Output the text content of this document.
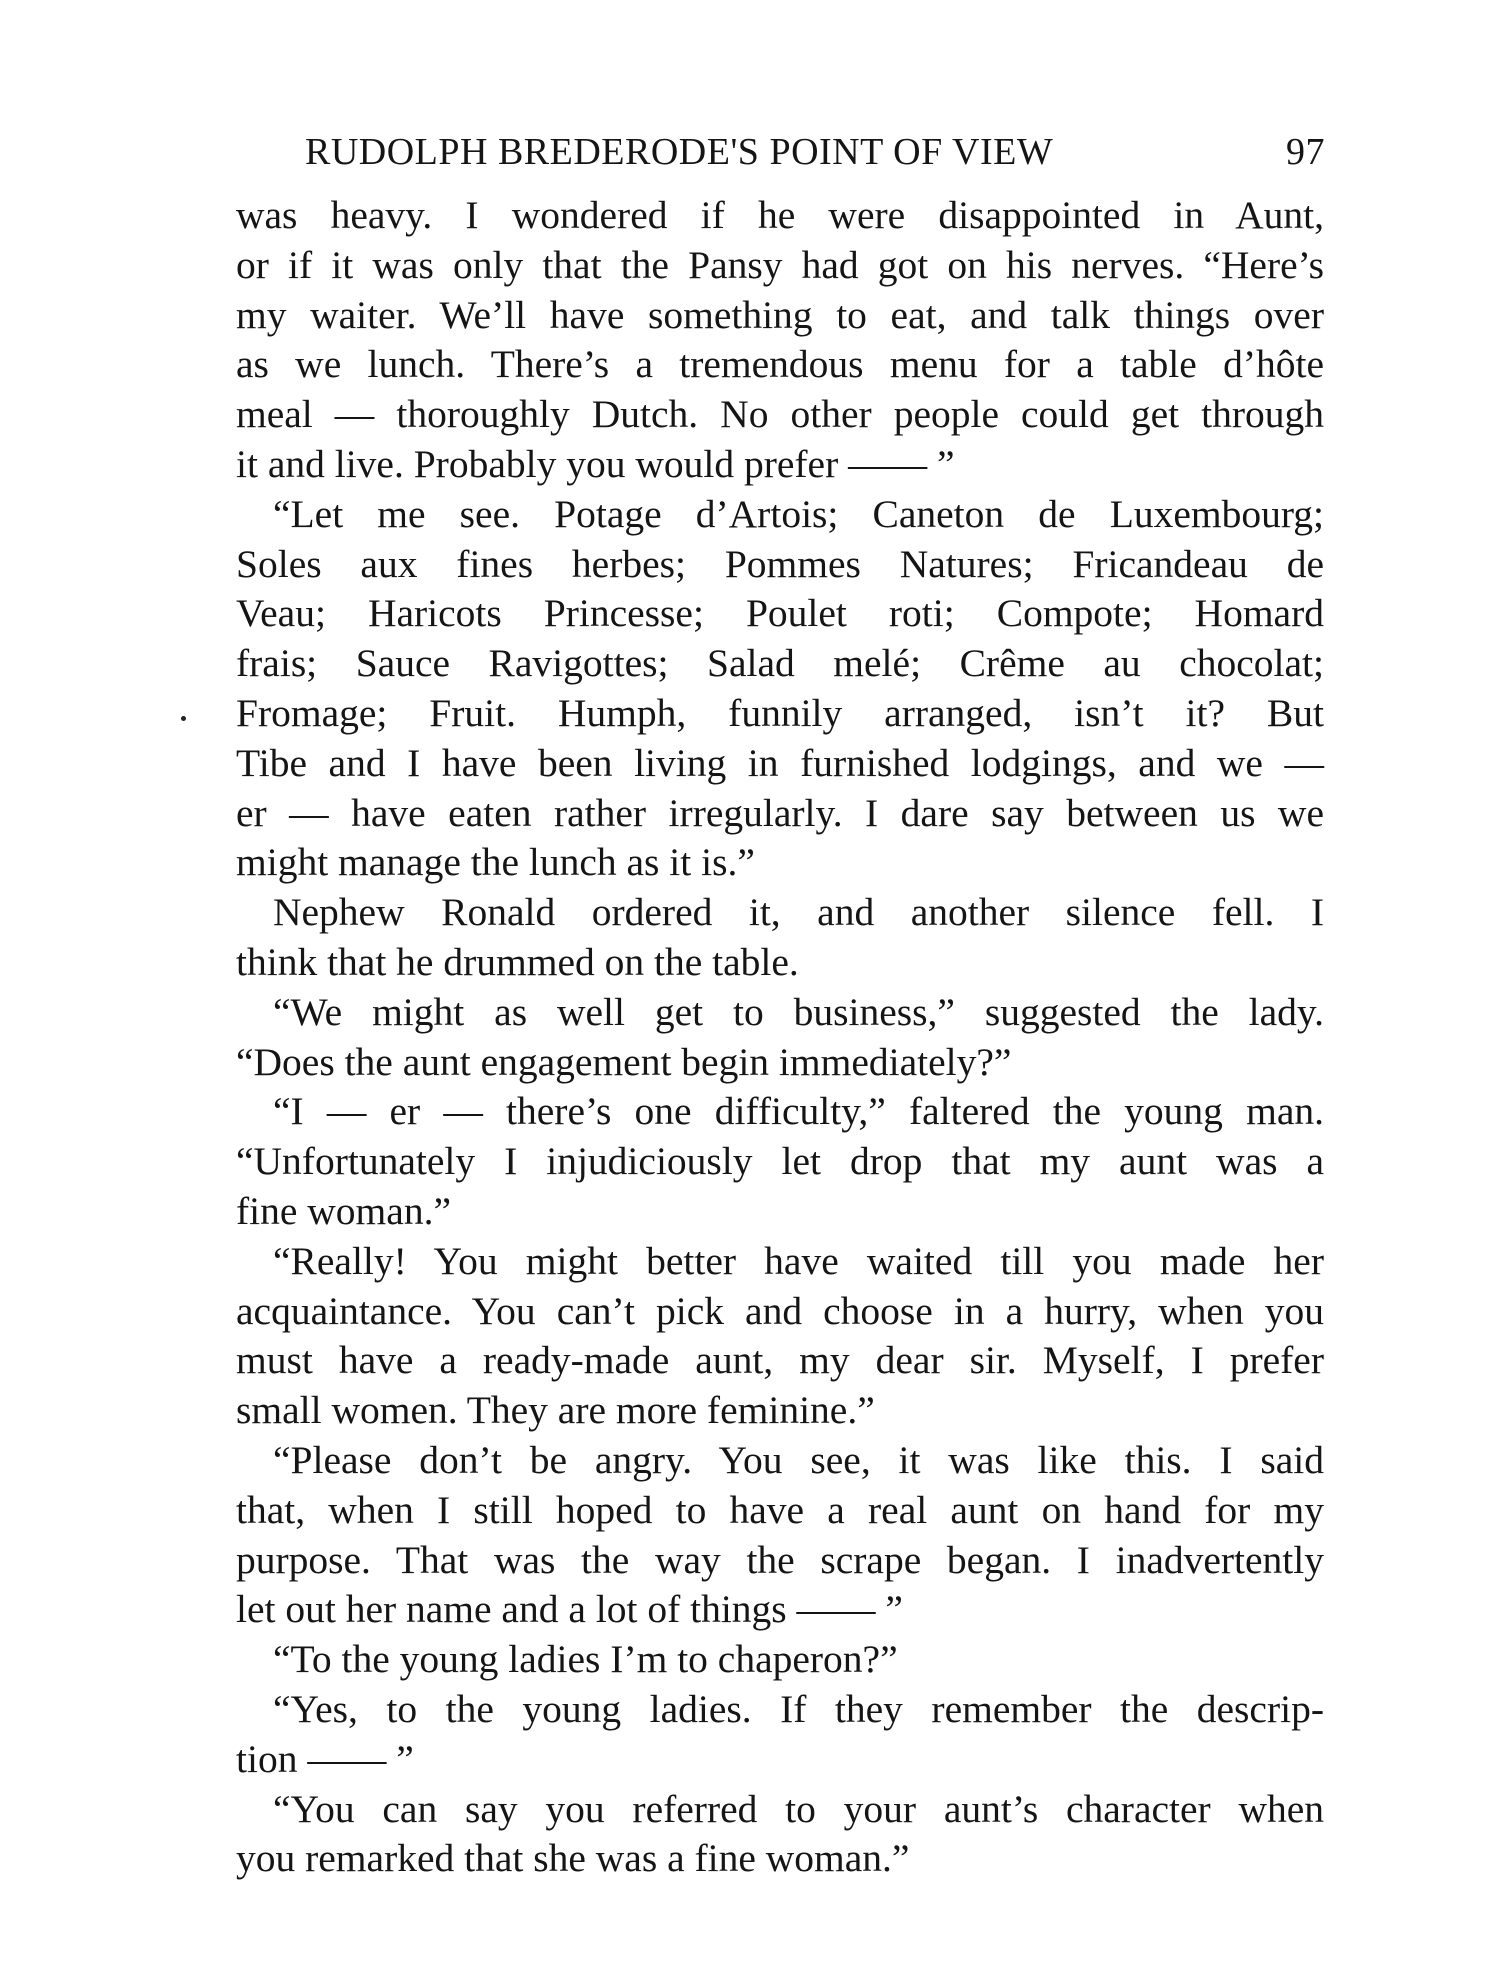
RUDOLPH BREDERODE'S POINT OF VIEW	97
was heavy. I wondered if he were disappointed in Aunt,
or if it was only that the Pansy had got on his nerves. “Here’s
my waiter. We’ll have something to eat, and talk things over
as we lunch. There’s a tremendous menu for a table d’hôte
meal — thoroughly Dutch. No other people could get through
it and live. Probably you would prefer —— ”
“Let me see. Potage d’Artois; Caneton de Luxembourg;
Soles aux fines herbes; Pommes Natures; Fricandeau de
Veau; Haricots Princesse; Poulet roti; Compote; Homard
frais; Sauce Ravigottes; Salad melé; Crême au chocolat;
Fromage; Fruit. Humph, funnily arranged, isn’t it? But
Tibe and I have been living in furnished lodgings, and we —
er — have eaten rather irregularly. I dare say between us we
might manage the lunch as it is.”
Nephew Ronald ordered it, and another silence fell. I
think that he drummed on the table.
“We might as well get to business,” suggested the lady.
“Does the aunt engagement begin immediately?”
“I — er — there’s one difficulty,” faltered the young man.
“Unfortunately I injudiciously let drop that my aunt was a
fine woman.”
“Really! You might better have waited till you made her
acquaintance. You can’t pick and choose in a hurry, when you
must have a ready-made aunt, my dear sir. Myself, I prefer
small women. They are more feminine.”
“Please don’t be angry. You see, it was like this. I said
that, when I still hoped to have a real aunt on hand for my
purpose. That was the way the scrape began. I inadvertently
let out her name and a lot of things —— ”
“To the young ladies I’m to chaperon?”
“Yes, to the young ladies. If they remember the descrip-
tion —— ”
“You can say you referred to your aunt’s character when
you remarked that she was a fine woman.”
